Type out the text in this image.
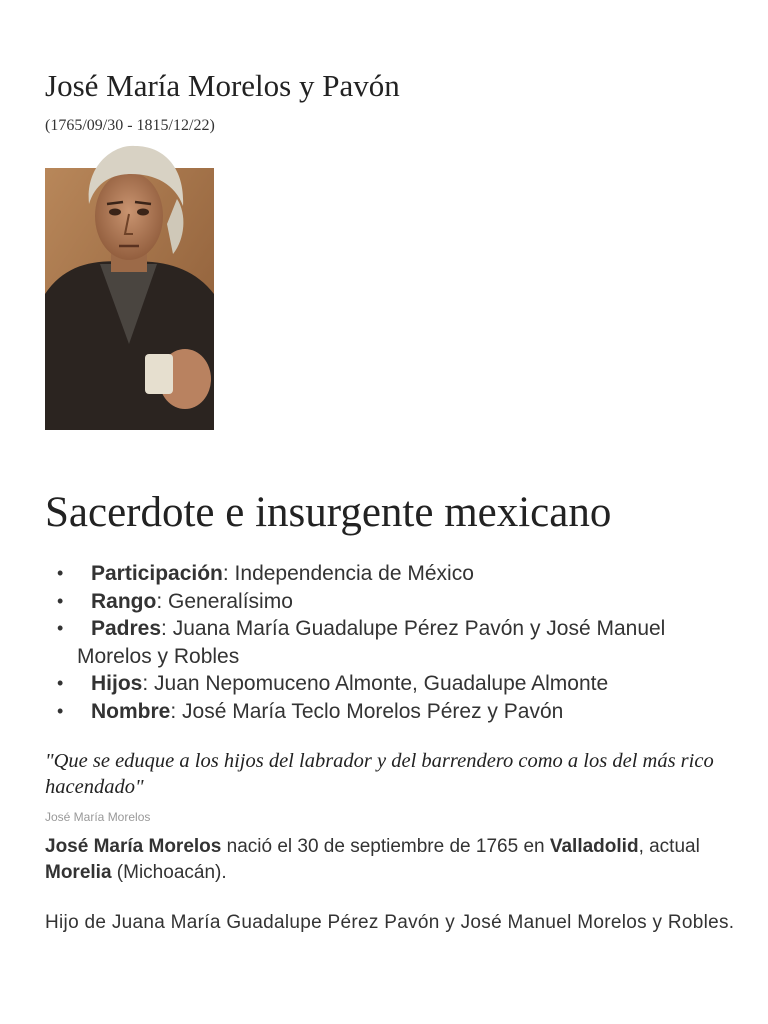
José María Morelos y Pavón
(1765/09/30 - 1815/12/22)
Sacerdote e insurgente mexicano
• Participación: Independencia de México
• Rango: Generalísimo
• Padres: Juana María Guadalupe Pérez Pavón y José Manuel
Morelos y Robles
• Hijos: Juan Nepomuceno Almonte, Guadalupe Almonte
• Nombre: José María Teclo Morelos Pérez y Pavón

"Que se eduque a los hijos del labrador y del barrendero como a los del más rico hacendado"

José María Morelos

José María Morelos nació el 30 de septiembre de 1765 en Valladolid, actual Morelia (Michoacán).

Hijo de Juana María Guadalupe Pérez Pavón y José Manuel Morelos y Robles.
